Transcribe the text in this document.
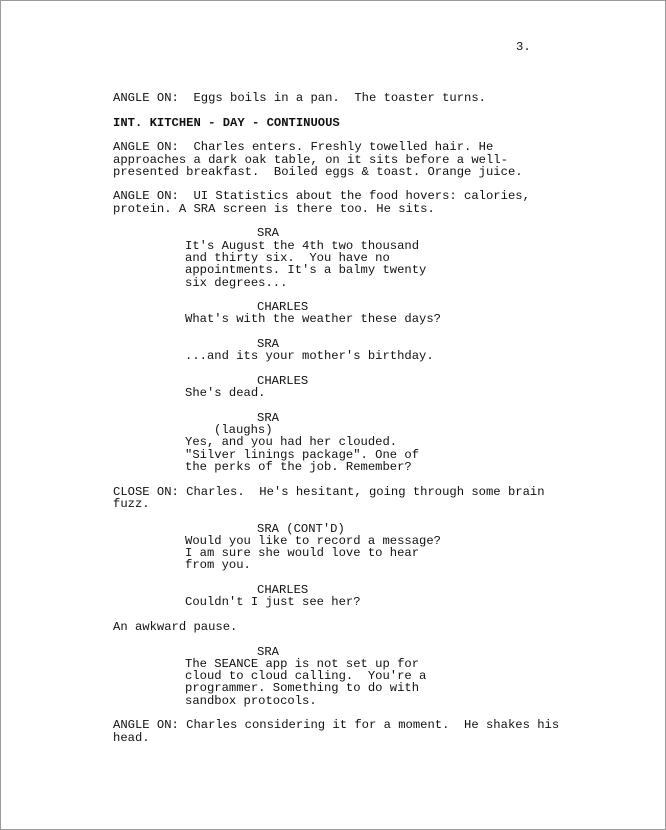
3.
ANGLE ON:  Eggs boils in a pan.  The toaster turns.
INT. KITCHEN - DAY - CONTINUOUS
ANGLE ON:  Charles enters. Freshly towelled hair. He
approaches a dark oak table, on it sits before a well-
presented breakfast.  Boiled eggs & toast. Orange juice.
ANGLE ON:  UI Statistics about the food hovers: calories,
protein. A SRA screen is there too. He sits.
SRA
It's August the 4th two thousand
and thirty six.  You have no
appointments. It's a balmy twenty
six degrees...
CHARLES
What's with the weather these days?
SRA
...and its your mother's birthday.
CHARLES
She's dead.
SRA
(laughs)
Yes, and you had her clouded.
"Silver linings package". One of
the perks of the job. Remember?
CLOSE ON: Charles.  He's hesitant, going through some brain
fuzz.
SRA (CONT'D)
Would you like to record a message?
I am sure she would love to hear
from you.
CHARLES
Couldn't I just see her?
An awkward pause.
SRA
The SEANCE app is not set up for
cloud to cloud calling.  You're a
programmer. Something to do with
sandbox protocols.
ANGLE ON: Charles considering it for a moment.  He shakes his
head.
